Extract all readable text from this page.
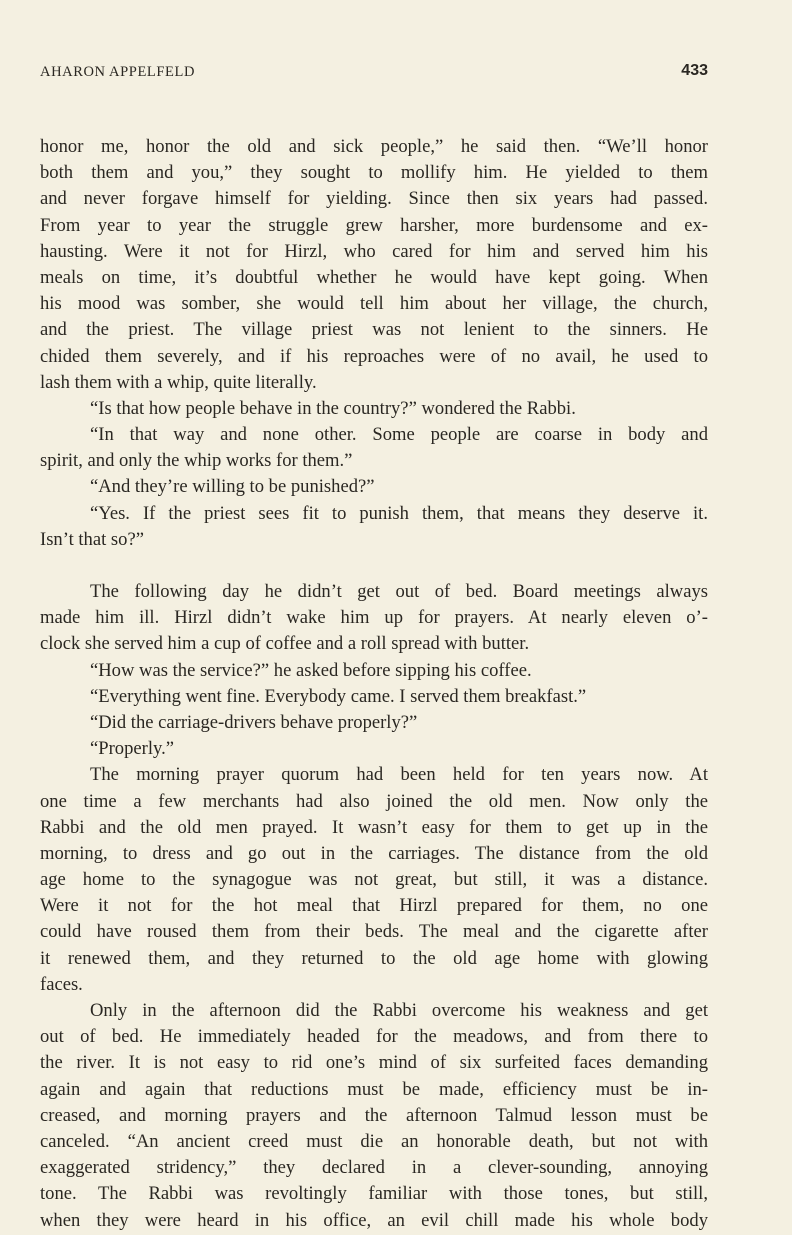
AHARON APPELFELD	433
honor me, honor the old and sick people,” he said then. “We’ll honor
both them and you,” they sought to mollify him. He yielded to them
and never forgave himself for yielding. Since then six years had passed.
From year to year the struggle grew harsher, more burdensome and ex-
hausting. Were it not for Hirzl, who cared for him and served him his
meals on time, it’s doubtful whether he would have kept going. When
his mood was somber, she would tell him about her village, the church,
and the priest. The village priest was not lenient to the sinners. He
chided them severely, and if his reproaches were of no avail, he used to
lash them with a whip, quite literally.
“Is that how people behave in the country?” wondered the Rabbi.
“In that way and none other. Some people are coarse in body and
spirit, and only the whip works for them.”
“And they’re willing to be punished?”
“Yes. If the priest sees fit to punish them, that means they deserve it.
Isn’t that so?”
The following day he didn’t get out of bed. Board meetings always
made him ill. Hirzl didn’t wake him up for prayers. At nearly eleven o’-
clock she served him a cup of coffee and a roll spread with butter.
“How was the service?” he asked before sipping his coffee.
“Everything went fine. Everybody came. I served them breakfast.”
“Did the carriage-drivers behave properly?”
“Properly.”
The morning prayer quorum had been held for ten years now. At
one time a few merchants had also joined the old men. Now only the
Rabbi and the old men prayed. It wasn’t easy for them to get up in the
morning, to dress and go out in the carriages. The distance from the old
age home to the synagogue was not great, but still, it was a distance.
Were it not for the hot meal that Hirzl prepared for them, no one
could have roused them from their beds. The meal and the cigarette after
it renewed them, and they returned to the old age home with glowing
faces.
Only in the afternoon did the Rabbi overcome his weakness and get
out of bed. He immediately headed for the meadows, and from there to
the river. It is not easy to rid one’s mind of six surfeited faces demanding
again and again that reductions must be made, efficiency must be in-
creased, and morning prayers and the afternoon Talmud lesson must be
canceled. “An ancient creed must die an honorable death, but not with
exaggerated stridency,” they declared in a clever-sounding, annoying
tone. The Rabbi was revoltingly familiar with those tones, but still,
when they were heard in his office, an evil chill made his whole body
